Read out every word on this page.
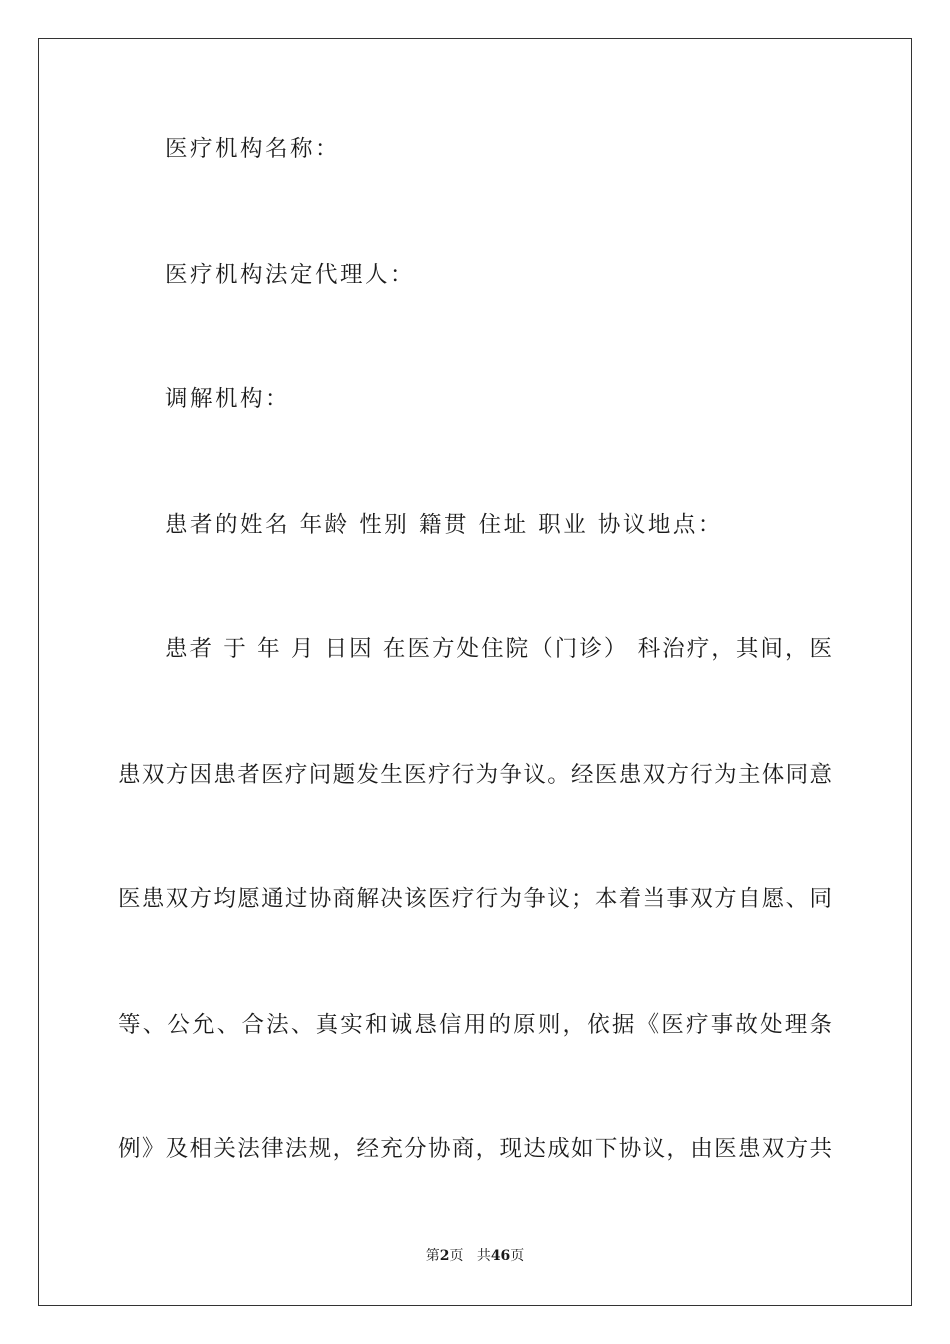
医疗机构名称：
医疗机构法定代理人：
调解机构：
患者的姓名 年龄 性别 籍贯 住址 职业 协议地点：
患者 于 年 月 日因 在医方处住院（门诊） 科治疗，其间，医
患双方因患者医疗问题发生医疗行为争议。经医患双方行为主体同意
医患双方均愿通过协商解决该医疗行为争议；本着当事双方自愿、同
等、公允、合法、真实和诚恳信用的原则，依据《医疗事故处理条
例》及相关法律法规，经充分协商，现达成如下协议，由医患双方共
第2页 共46页
